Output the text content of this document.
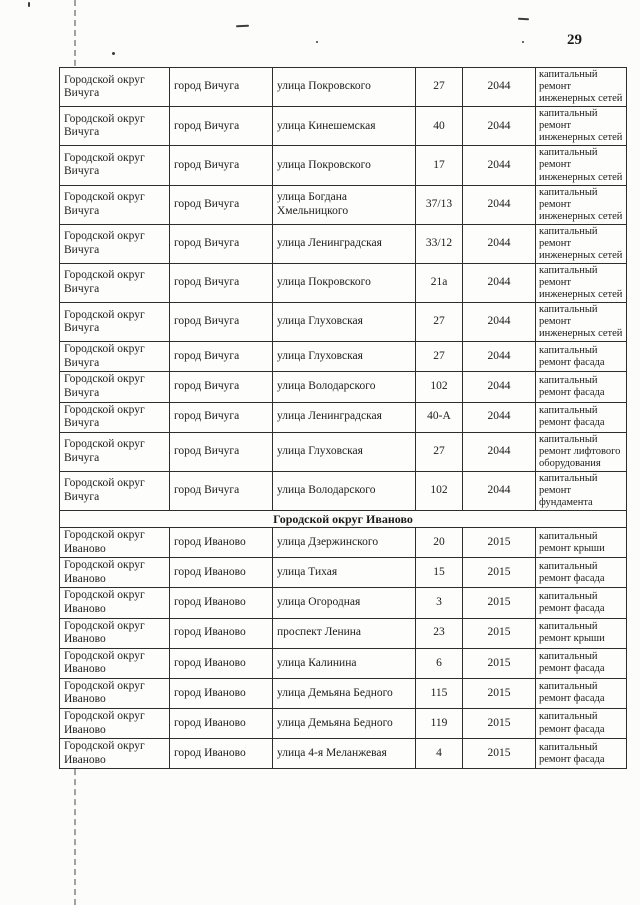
29
Городской округ Вичуга	город Вичуга	улица Покровского	27	2044	капитальный ремонт инженерных сетей
Городской округ Вичуга	город Вичуга	улица Кинешемская	40	2044	капитальный ремонт инженерных сетей
Городской округ Вичуга	город Вичуга	улица Покровского	17	2044	капитальный ремонт инженерных сетей
Городской округ Вичуга	город Вичуга	улица Богдана Хмельницкого	37/13	2044	капитальный ремонт инженерных сетей
Городской округ Вичуга	город Вичуга	улица Ленинградская	33/12	2044	капитальный ремонт инженерных сетей
Городской округ Вичуга	город Вичуга	улица Покровского	21а	2044	капитальный ремонт инженерных сетей
Городской округ Вичуга	город Вичуга	улица Глуховская	27	2044	капитальный ремонт инженерных сетей
Городской округ Вичуга	город Вичуга	улица Глуховская	27	2044	капитальный ремонт фасада
Городской округ Вичуга	город Вичуга	улица Володарского	102	2044	капитальный ремонт фасада
Городской округ Вичуга	город Вичуга	улица Ленинградская	40-А	2044	капитальный ремонт фасада
Городской округ Вичуга	город Вичуга	улица Глуховская	27	2044	капитальный ремонт лифтового оборудования
Городской округ Вичуга	город Вичуга	улица Володарского	102	2044	капитальный ремонт фундамента
Городской округ Иваново					
Городской округ Иваново	город Иваново	улица Дзержинского	20	2015	капитальный ремонт крыши
Городской округ Иваново	город Иваново	улица Тихая	15	2015	капитальный ремонт фасада
Городской округ Иваново	город Иваново	улица Огородная	3	2015	капитальный ремонт фасада
Городской округ Иваново	город Иваново	проспект Ленина	23	2015	капитальный ремонт крыши
Городской округ Иваново	город Иваново	улица Калинина	6	2015	капитальный ремонт фасада
Городской округ Иваново	город Иваново	улица Демьяна Бедного	115	2015	капитальный ремонт фасада
Городской округ Иваново	город Иваново	улица Демьяна Бедного	119	2015	капитальный ремонт фасада
Городской округ Иваново	город Иваново	улица 4-я Меланжевая	4	2015	капитальный ремонт фасада
